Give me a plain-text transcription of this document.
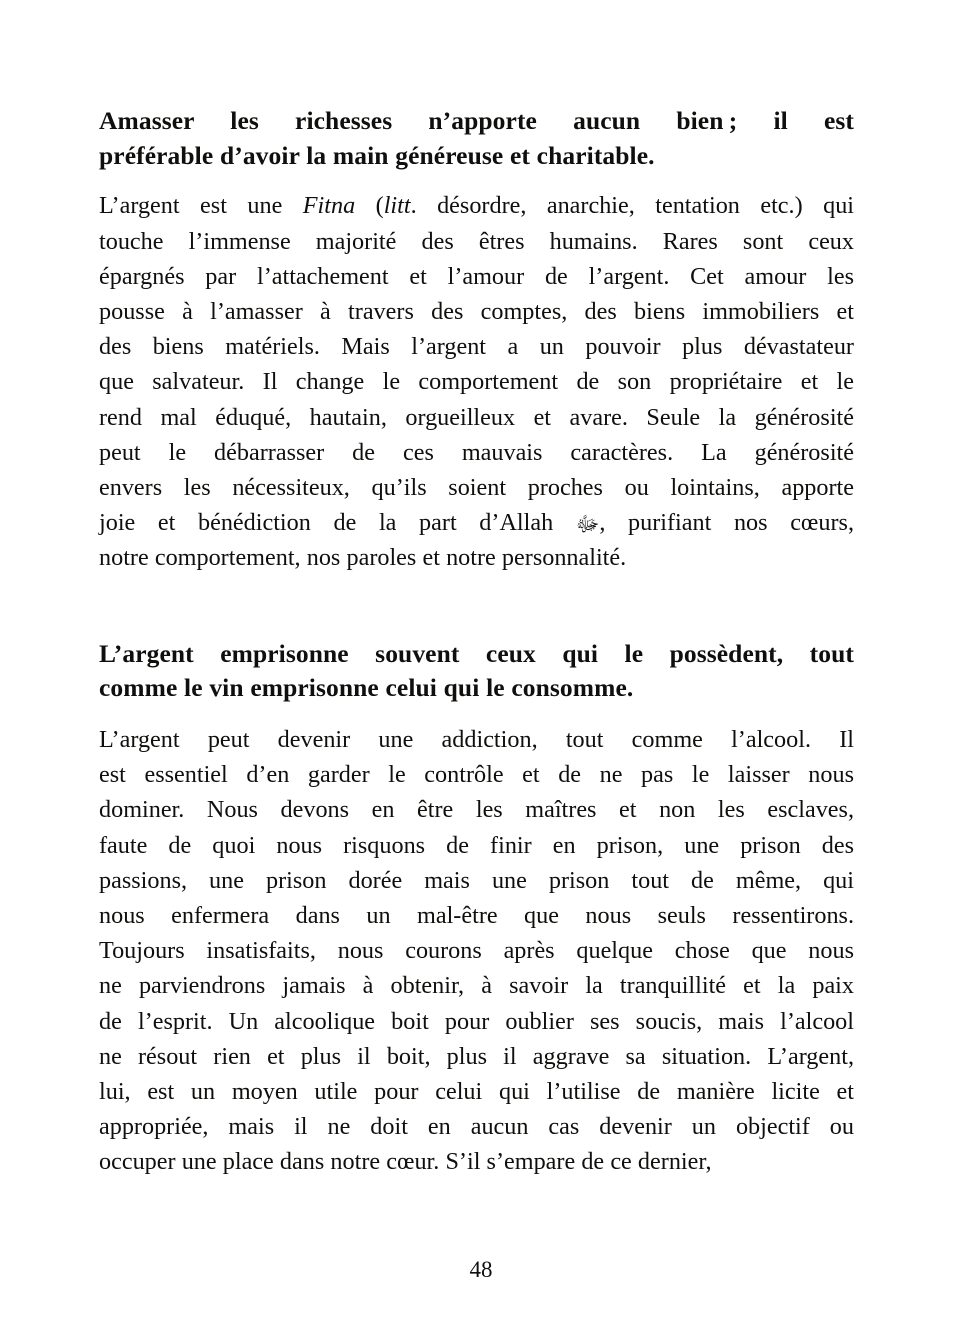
Amasser les richesses n’apporte aucun bien ; il est
préférable d’avoir la main généreuse et charitable.

L’argent est une Fitna (litt. désordre, anarchie, tentation etc.) qui
touche l’immense majorité des êtres humains. Rares sont ceux
épargnés par l’attachement et l’amour de l’argent. Cet amour les
pousse à l’amasser à travers des comptes, des biens immobiliers et
des biens matériels. Mais l’argent a un pouvoir plus dévastateur
que salvateur. Il change le comportement de son propriétaire et le
rend mal éduqué, hautain, orgueilleux et avare. Seule la générosité
peut le débarrasser de ces mauvais caractères. La générosité
envers les nécessiteux, qu’ils soient proches ou lointains, apporte
joie et bénédiction de la part d’Allah ﷻ, purifiant nos cœurs,
notre comportement, nos paroles et notre personnalité.

L’argent emprisonne souvent ceux qui le possèdent, tout
comme le vin emprisonne celui qui le consomme.

L’argent peut devenir une addiction, tout comme l’alcool. Il
est essentiel d’en garder le contrôle et de ne pas le laisser nous
dominer. Nous devons en être les maîtres et non les esclaves,
faute de quoi nous risquons de finir en prison, une prison des
passions, une prison dorée mais une prison tout de même, qui
nous enfermera dans un mal-être que nous seuls ressentirons.
Toujours insatisfaits, nous courons après quelque chose que nous
ne parviendrons jamais à obtenir, à savoir la tranquillité et la paix
de l’esprit. Un alcoolique boit pour oublier ses soucis, mais l’alcool
ne résout rien et plus il boit, plus il aggrave sa situation. L’argent,
lui, est un moyen utile pour celui qui l’utilise de manière licite et
appropriée, mais il ne doit en aucun cas devenir un objectif ou
occuper une place dans notre cœur. S’il s’empare de ce dernier,

48
